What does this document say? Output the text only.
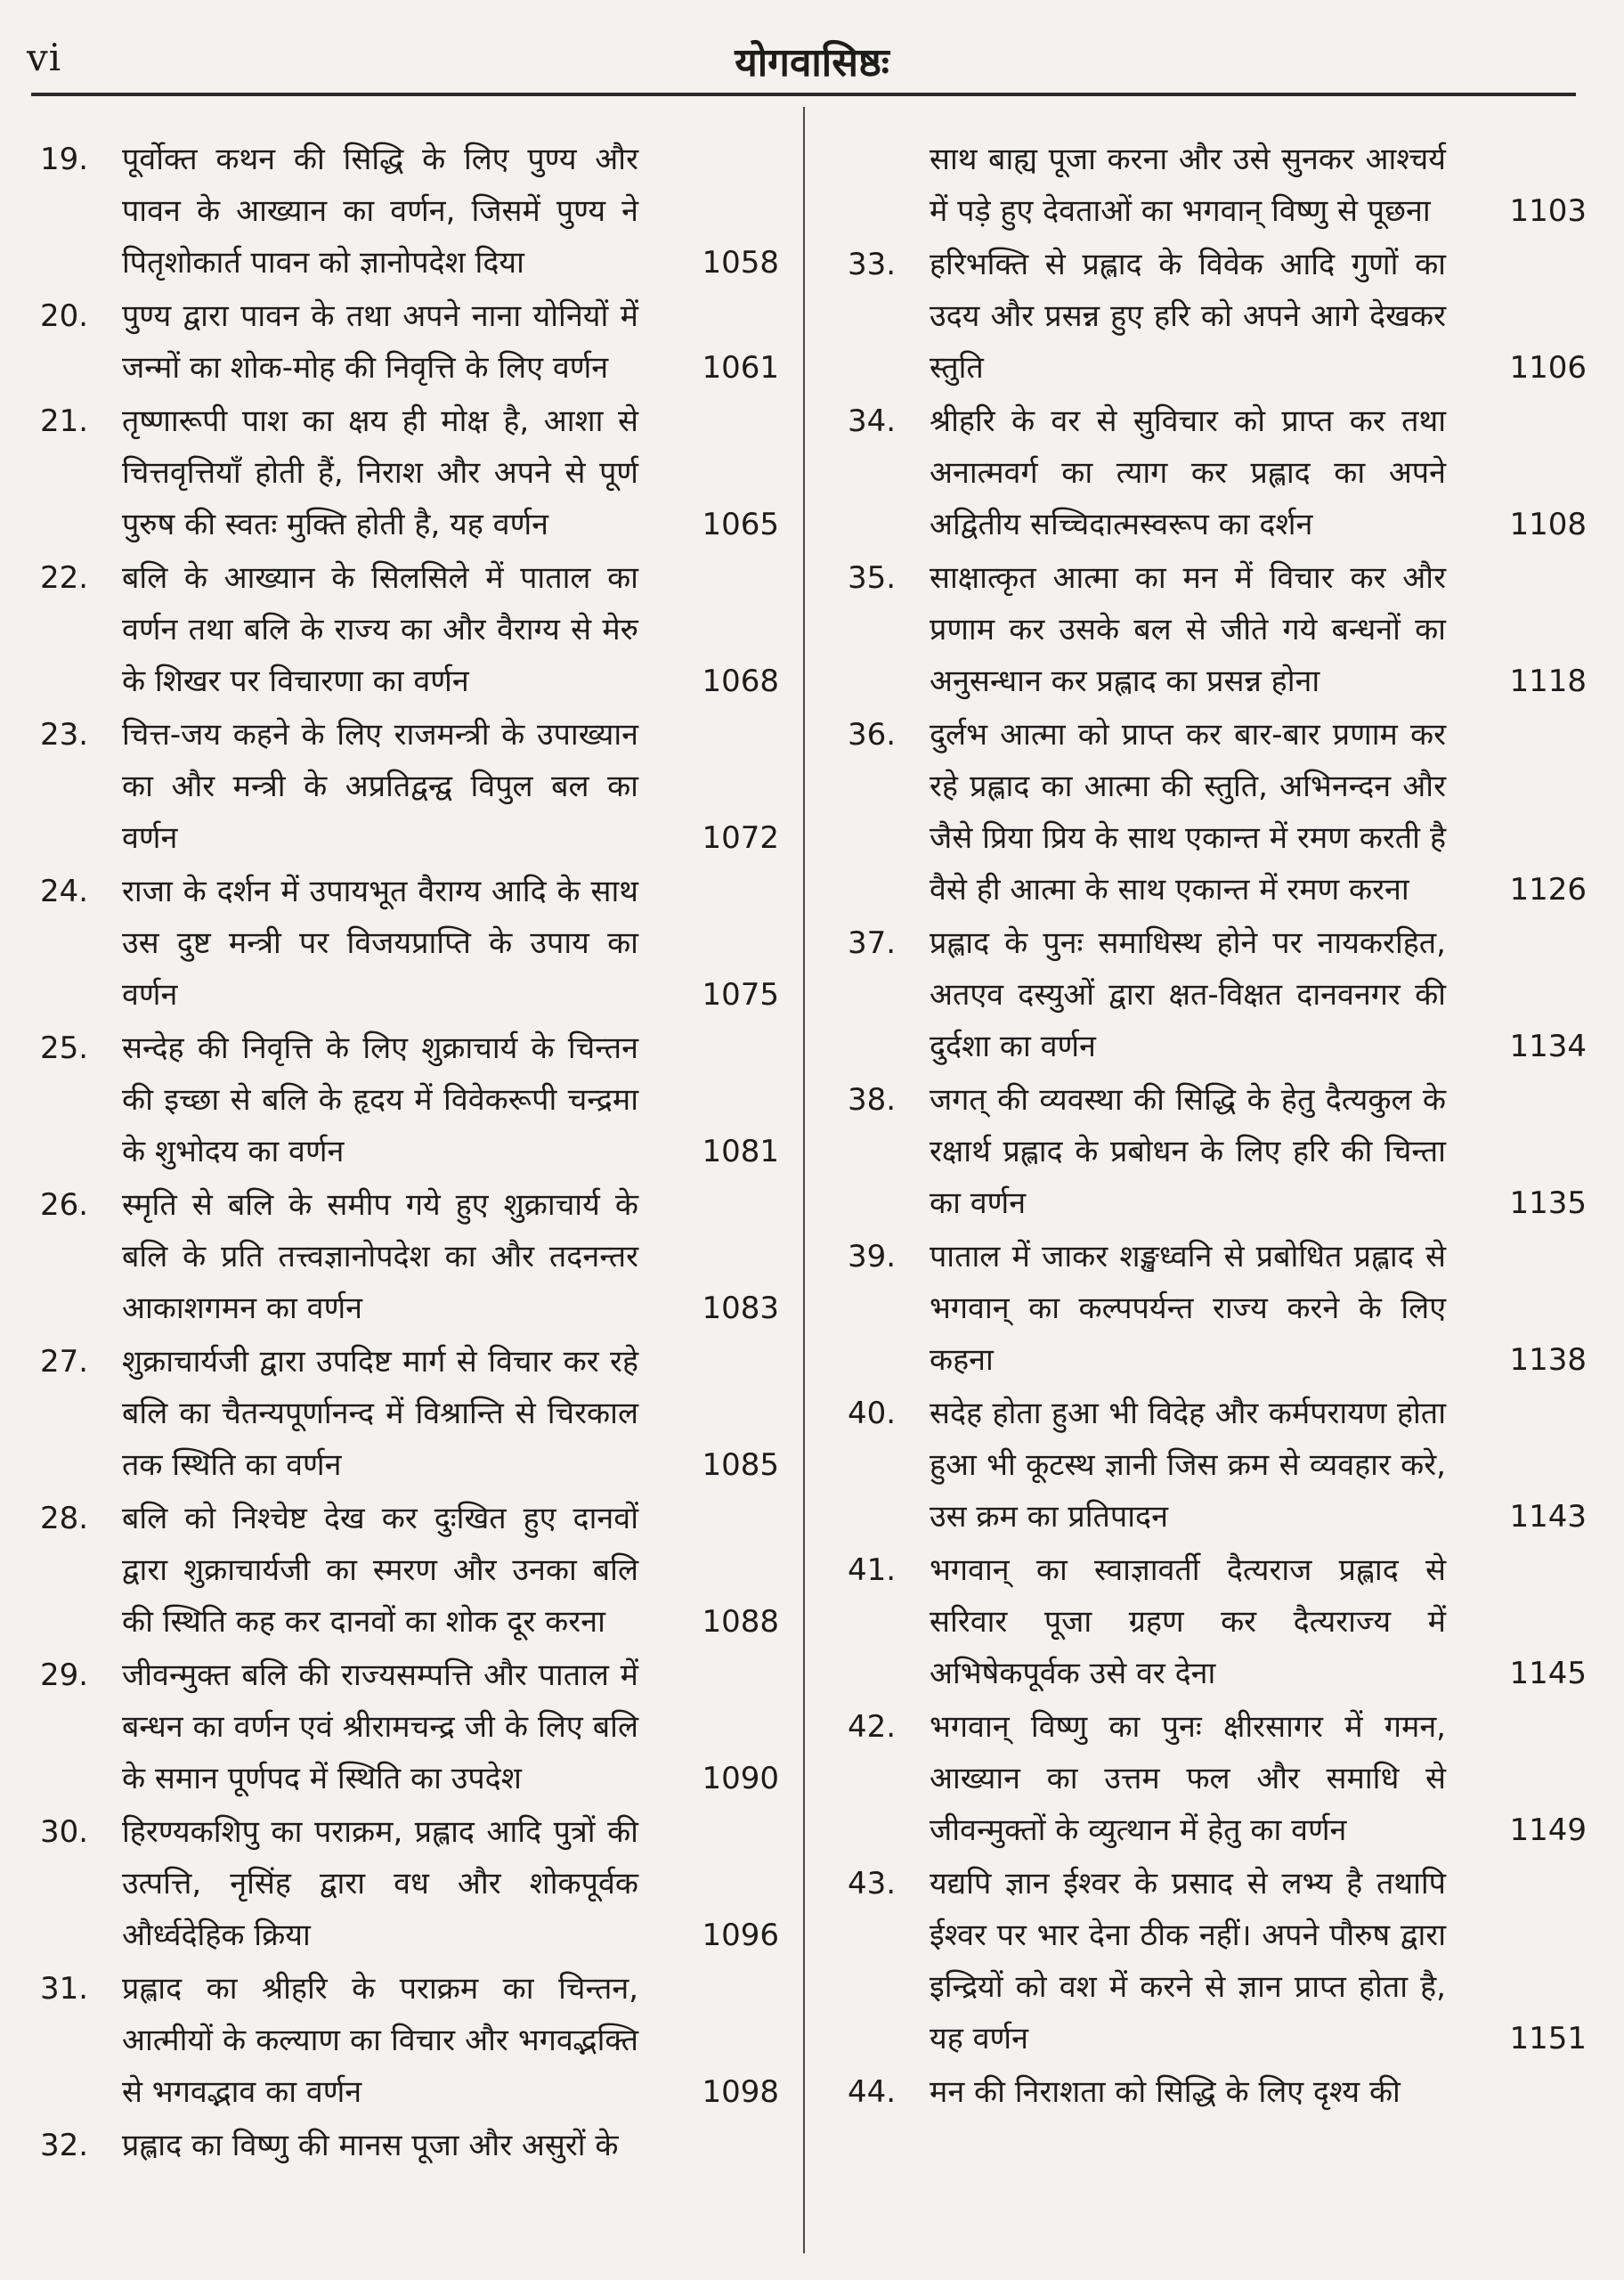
vi	योगवासिष्ठः
19.	पूर्वोक्त कथन की सिद्धि के लिए पुण्य और पावन के आख्यान का वर्णन, जिसमें पुण्य ने पितृशोकार्त पावन को ज्ञानोपदेश दिया	1058
20.	पुण्य द्वारा पावन के तथा अपने नाना योनियों में जन्मों का शोक-मोह की निवृत्ति के लिए वर्णन	1061
21.	तृष्णारूपी पाश का क्षय ही मोक्ष है, आशा से चित्तवृत्तियाँ होती हैं, निराश और अपने से पूर्ण पुरुष की स्वतः मुक्ति होती है, यह वर्णन	1065
22.	बलि के आख्यान के सिलसिले में पाताल का वर्णन तथा बलि के राज्य का और वैराग्य से मेरु के शिखर पर विचारणा का वर्णन	1068
23.	चित्त-जय कहने के लिए राजमन्त्री के उपाख्यान का और मन्त्री के अप्रतिद्वन्द्व विपुल बल का वर्णन	1072
24.	राजा के दर्शन में उपायभूत वैराग्य आदि के साथ उस दुष्ट मन्त्री पर विजयप्राप्ति के उपाय का वर्णन	1075
25.	सन्देह की निवृत्ति के लिए शुक्राचार्य के चिन्तन की इच्छा से बलि के हृदय में विवेकरूपी चन्द्रमा के शुभोदय का वर्णन	1081
26.	स्मृति से बलि के समीप गये हुए शुक्राचार्य के बलि के प्रति तत्त्वज्ञानोपदेश का और तदनन्तर आकाशगमन का वर्णन	1083
27.	शुक्राचार्यजी द्वारा उपदिष्ट मार्ग से विचार कर रहे बलि का चैतन्यपूर्णानन्द में विश्रान्ति से चिरकाल तक स्थिति का वर्णन	1085
28.	बलि को निश्चेष्ट देख कर दुःखित हुए दानवों द्वारा शुक्राचार्यजी का स्मरण और उनका बलि की स्थिति कह कर दानवों का शोक दूर करना	1088
29.	जीवन्मुक्त बलि की राज्यसम्पत्ति और पाताल में बन्धन का वर्णन एवं श्रीरामचन्द्र जी के लिए बलि के समान पूर्णपद में स्थिति का उपदेश	1090
30.	हिरण्यकशिपु का पराक्रम, प्रह्लाद आदि पुत्रों की उत्पत्ति, नृसिंह द्वारा वध और शोकपूर्वक और्ध्वदेहिक क्रिया	1096
31.	प्रह्लाद का श्रीहरि के पराक्रम का चिन्तन, आत्मीयों के कल्याण का विचार और भगवद्भक्ति से भगवद्भाव का वर्णन	1098
32.	प्रह्लाद का विष्णु की मानस पूजा और असुरों के
साथ बाह्य पूजा करना और उसे सुनकर आश्चर्य में पड़े हुए देवताओं का भगवान् विष्णु से पूछना	1103
33.	हरिभक्ति से प्रह्लाद के विवेक आदि गुणों का उदय और प्रसन्न हुए हरि को अपने आगे देखकर स्तुति	1106
34.	श्रीहरि के वर से सुविचार को प्राप्त कर तथा अनात्मवर्ग का त्याग कर प्रह्लाद का अपने अद्वितीय सच्चिदात्मस्वरूप का दर्शन	1108
35.	साक्षात्कृत आत्मा का मन में विचार कर और प्रणाम कर उसके बल से जीते गये बन्धनों का अनुसन्धान कर प्रह्लाद का प्रसन्न होना	1118
36.	दुर्लभ आत्मा को प्राप्त कर बार-बार प्रणाम कर रहे प्रह्लाद का आत्मा की स्तुति, अभिनन्दन और जैसे प्रिया प्रिय के साथ एकान्त में रमण करती है वैसे ही आत्मा के साथ एकान्त में रमण करना	1126
37.	प्रह्लाद के पुनः समाधिस्थ होने पर नायकरहित, अतएव दस्युओं द्वारा क्षत-विक्षत दानवनगर की दुर्दशा का वर्णन	1134
38.	जगत् की व्यवस्था की सिद्धि के हेतु दैत्यकुल के रक्षार्थ प्रह्लाद के प्रबोधन के लिए हरि की चिन्ता का वर्णन	1135
39.	पाताल में जाकर शङ्खध्वनि से प्रबोधित प्रह्लाद से भगवान् का कल्पपर्यन्त राज्य करने के लिए कहना	1138
40.	सदेह होता हुआ भी विदेह और कर्मपरायण होता हुआ भी कूटस्थ ज्ञानी जिस क्रम से व्यवहार करे, उस क्रम का प्रतिपादन	1143
41.	भगवान् का स्वाज्ञावर्ती दैत्यराज प्रह्लाद से सरिवार पूजा ग्रहण कर दैत्यराज्य में अभिषेकपूर्वक उसे वर देना	1145
42.	भगवान् विष्णु का पुनः क्षीरसागर में गमन, आख्यान का उत्तम फल और समाधि से जीवन्मुक्तों के व्युत्थान में हेतु का वर्णन	1149
43.	यद्यपि ज्ञान ईश्वर के प्रसाद से लभ्य है तथापि ईश्वर पर भार देना ठीक नहीं। अपने पौरुष द्वारा इन्द्रियों को वश में करने से ज्ञान प्राप्त होता है, यह वर्णन	1151
44.	मन की निराशता को सिद्धि के लिए दृश्य की
